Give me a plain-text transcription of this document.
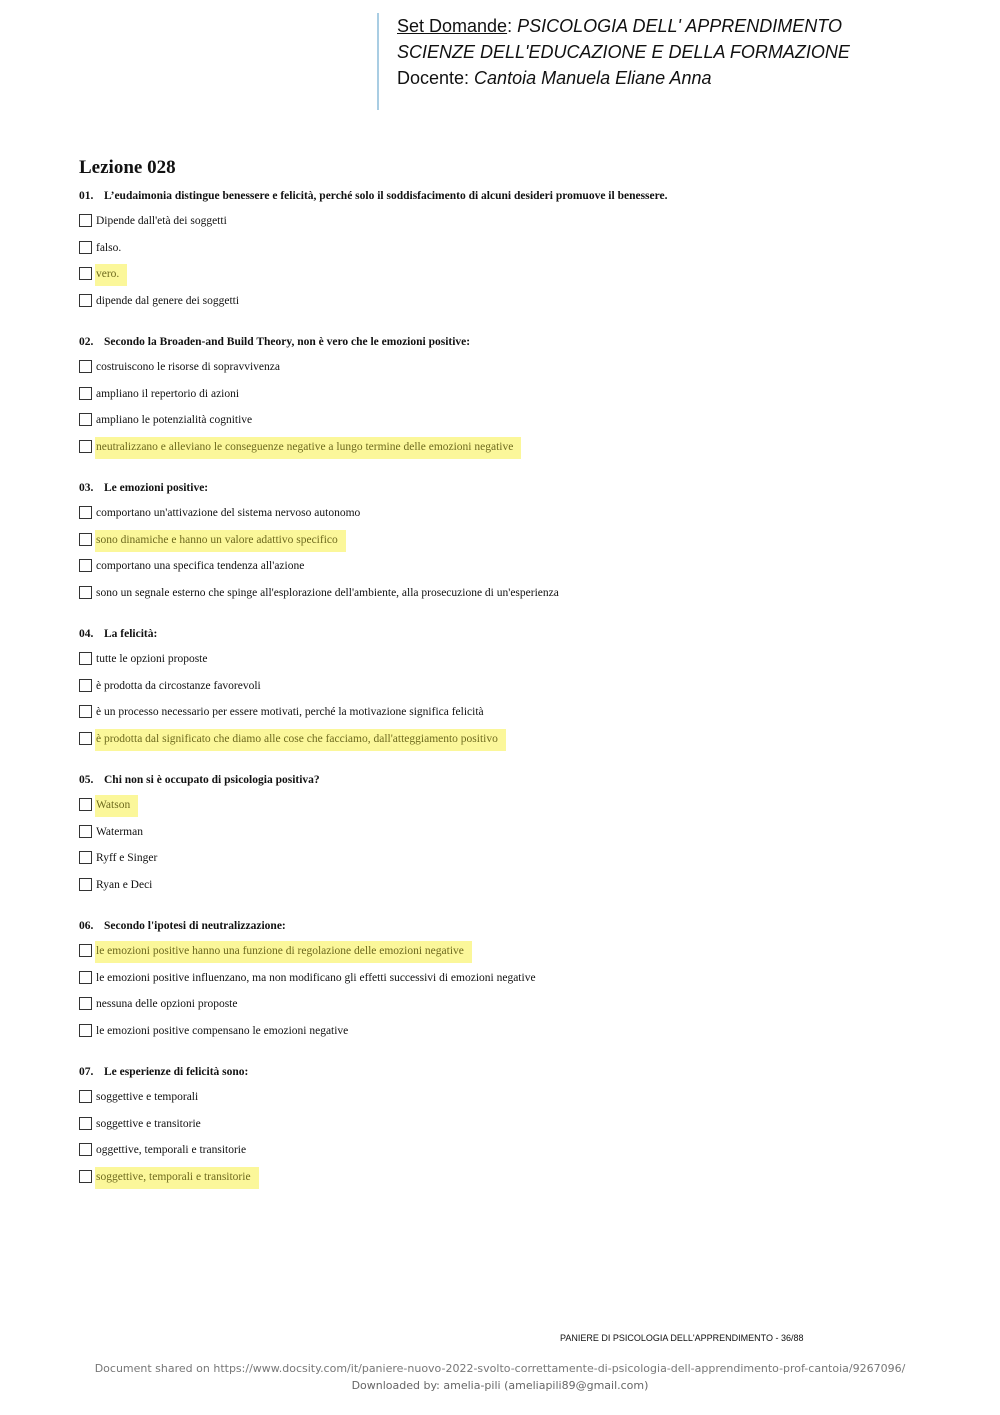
Set Domande: PSICOLOGIA DELL' APPRENDIMENTO
SCIENZE DELL'EDUCAZIONE E DELLA FORMAZIONE
Docente: Cantoia Manuela Eliane Anna
Lezione 028
01. L’eudaimonia distingue benessere e felicità, perché solo il soddisfacimento di alcuni desideri promuove il benessere.
Dipende dall'età dei soggetti
falso.
vero.
dipende dal genere dei soggetti
02. Secondo la Broaden-and Build Theory, non è vero che le emozioni positive:
costruiscono le risorse di sopravvivenza
ampliano il repertorio di azioni
ampliano le potenzialità cognitive
neutralizzano e alleviano le conseguenze negative a lungo termine delle emozioni negative
03. Le emozioni positive:
comportano un'attivazione del sistema nervoso autonomo
sono dinamiche e hanno un valore adattivo specifico
comportano una specifica tendenza all'azione
sono un segnale esterno che spinge all'esplorazione dell'ambiente, alla prosecuzione di un'esperienza
04. La felicità:
tutte le opzioni proposte
è prodotta da circostanze favorevoli
è un processo necessario per essere motivati, perché la motivazione significa felicità
è prodotta dal significato che diamo alle cose che facciamo, dall'atteggiamento positivo
05. Chi non si è occupato di psicologia positiva?
Watson
Waterman
Ryff e Singer
Ryan e Deci
06. Secondo l'ipotesi di neutralizzazione:
le emozioni positive hanno una funzione di regolazione delle emozioni negative
le emozioni positive influenzano, ma non modificano gli effetti successivi di emozioni negative
nessuna delle opzioni proposte
le emozioni positive compensano le emozioni negative
07. Le esperienze di felicità sono:
soggettive e temporali
soggettive e transitorie
oggettive, temporali e transitorie
soggettive, temporali e transitorie
PANIERE DI PSICOLOGIA DELL'APPRENDIMENTO - 36/88
Document shared on https://www.docsity.com/it/paniere-nuovo-2022-svolto-correttamente-di-psicologia-dell-apprendimento-prof-cantoia/9267096/
Downloaded by: amelia-pili (ameliapili89@gmail.com)
